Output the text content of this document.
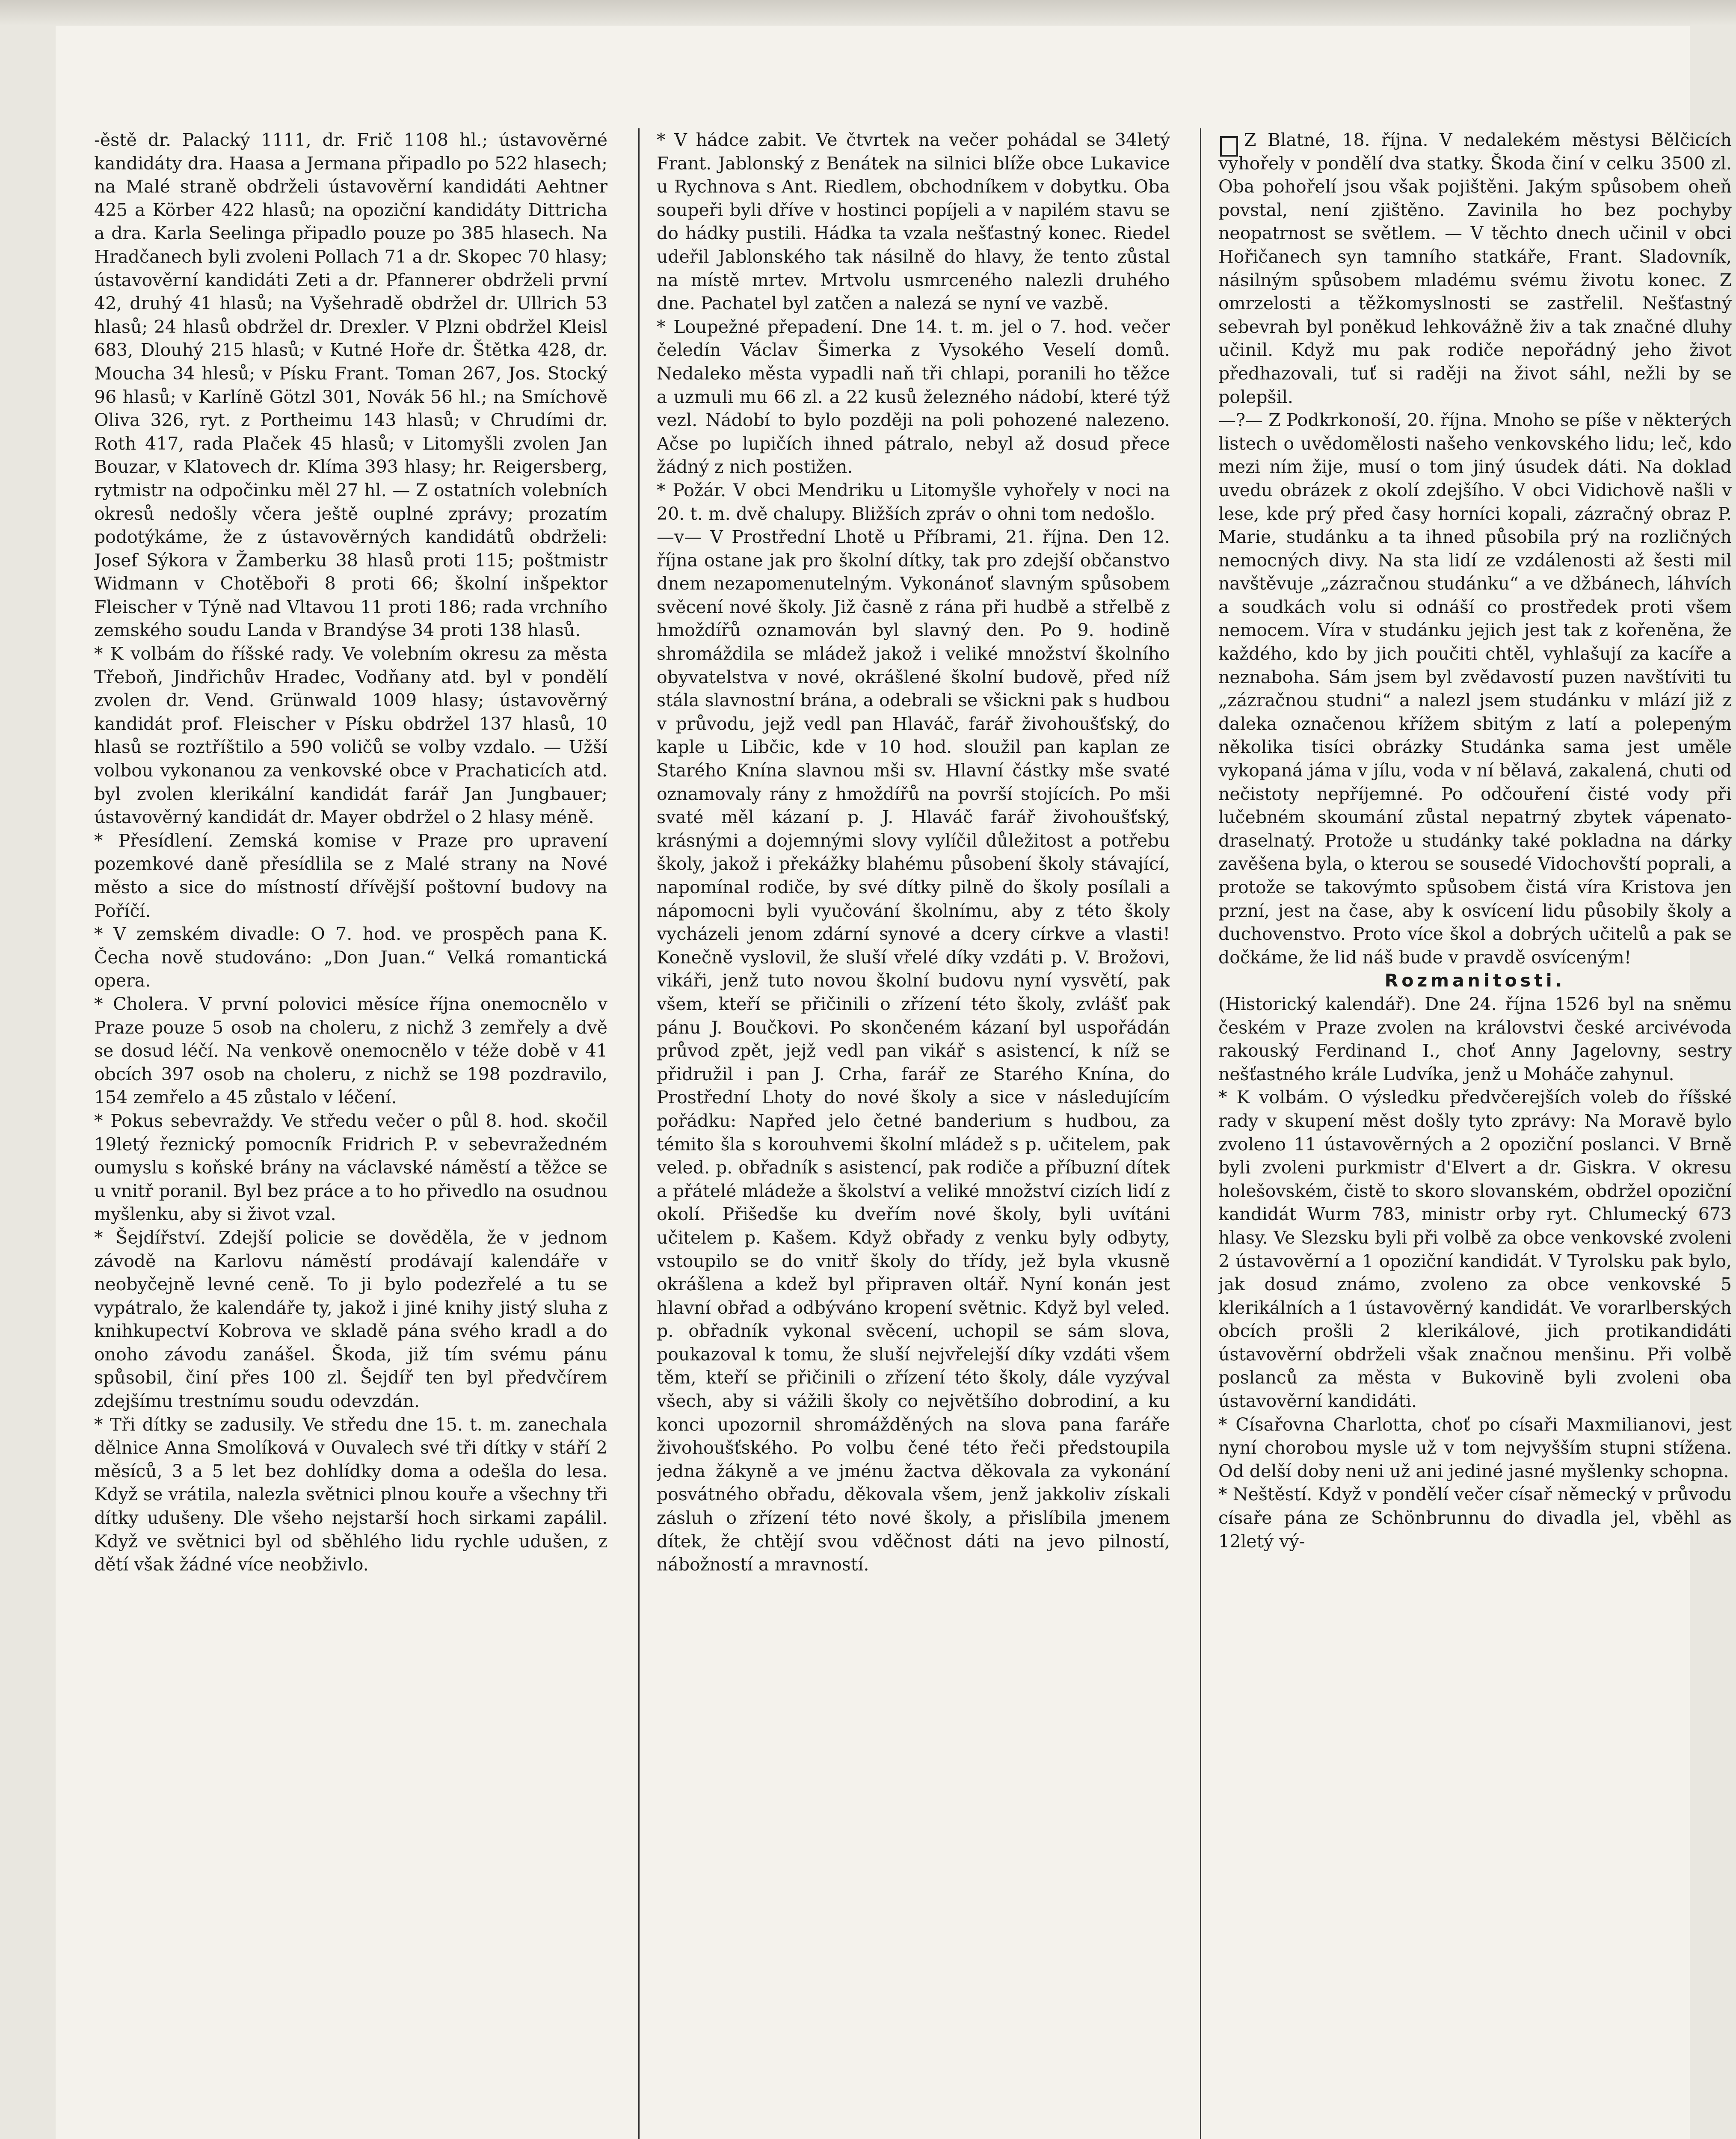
-ěstě dr. Palacký 1111, dr. Frič 1108 hl.; ústavověrné kandidáty dra. Haasa a Jermana připadlo po 522 hlasech; na Malé straně obdrželi ústavověrní kandidáti Aehtner 425 a Körber 422 hlasů; na opoziční kandidáty Dittricha a dra. Karla Seelinga připadlo pouze po 385 hlasech. Na Hradčanech byli zvoleni Pollach 71 a dr. Skopec 70 hlasy; ústavověrní kandidáti Zeti a dr. Pfannerer obdrželi první 42, druhý 41 hlasů; na Vyšehradě obdržel dr. Ullrich 53 hlasů; 24 hlasů obdržel dr. Drexler. V Plzni obdržel Kleisl 683, Dlouhý 215 hlasů; v Kutné Hoře dr. Štětka 428, dr. Moucha 34 hlesů; v Písku Frant. Toman 267, Jos. Stocký 96 hlasů; v Karlíně Götzl 301, Novák 56 hl.; na Smíchově Oliva 326, ryt. z Portheimu 143 hlasů; v Chrudími dr. Roth 417, rada Plaček 45 hlasů; v Litomyšli zvolen Jan Bouzar, v Klatovech dr. Klíma 393 hlasy; hr. Reigersberg, rytmistr na odpočinku měl 27 hl. — Z ostatních volebních okresů nedošly včera ještě ouplné zprávy; prozatím podotýkáme, že z ústavověrných kandidátů obdrželi: Josef Sýkora v Žamberku 38 hlasů proti 115; poštmistr Widmann v Chotěboři 8 proti 66; školní inšpektor Fleischer v Týně nad Vltavou 11 proti 186; rada vrchního zemského soudu Landa v Brandýse 34 proti 138 hlasů.

* K volbám do říšské rady. Ve volebním okresu za města Třeboň, Jindřichův Hradec, Vodňany atd. byl v pondělí zvolen dr. Vend. Grünwald 1009 hlasy; ústavověrný kandidát prof. Fleischer v Písku obdržel 137 hlasů, 10 hlasů se roztříštilo a 590 voličů se volby vzdalo. — Užší volbou vykonanou za venkovské obce v Prachaticích atd. byl zvolen klerikální kandidát farář Jan Jungbauer; ústavověrný kandidát dr. Mayer obdržel o 2 hlasy méně.

* Přesídlení. Zemská komise v Praze pro upravení pozemkové daně přesídlila se z Malé strany na Nové město a sice do místností dřívější poštovní budovy na Poříčí.

* V zemském divadle: O 7. hod. ve prospěch pana K. Čecha nově studováno: „Don Juan.“ Velká romantická opera.

* Cholera. V první polovici měsíce října onemocnělo v Praze pouze 5 osob na choleru, z nichž 3 zemřely a dvě se dosud léčí. Na venkově onemocnělo v téže době v 41 obcích 397 osob na choleru, z nichž se 198 pozdravilo, 154 zemřelo a 45 zůstalo v léčení.

* Pokus sebevraždy. Ve středu večer o půl 8. hod. skočil 19letý řeznický pomocník Fridrich P. v sebevražedném oumyslu s koňské brány na václavské náměstí a těžce se u vnitř poranil. Byl bez práce a to ho přivedlo na osudnou myšlenku, aby si život vzal.

* Šejdířství. Zdejší policie se dověděla, že v jednom závodě na Karlovu náměstí prodávají kalendáře v neobyčejně levné ceně. To ji bylo podezřelé a tu se vypátralo, že kalendáře ty, jakož i jiné knihy jistý sluha z knihkupectví Kobrova ve skladě pána svého kradl a do onoho závodu zanášel. Škoda, již tím svému pánu spůsobil, činí přes 100 zl. Šejdíř ten byl předvčírem zdejšímu trestnímu soudu odevzdán.

* Tři dítky se zadusily. Ve středu dne 15. t. m. zanechala dělnice Anna Smolíková v Ouvalech své tři dítky v stáří 2 měsíců, 3 a 5 let bez dohlídky doma a odešla do lesa. Když se vrátila, nalezla světnici plnou kouře a všechny tři dítky udušeny. Dle všeho nejstarší hoch sirkami zapálil. Když ve světnici byl od sběhlého lidu rychle udušen, z dětí však žádné více neobživlo.

* V hádce zabit. Ve čtvrtek na večer pohádal se 34letý Frant. Jablonský z Benátek na silnici blíže obce Lukavice u Rychnova s Ant. Riedlem, obchodníkem v dobytku. Oba soupeři byli dříve v hostinci popíjeli a v napilém stavu se do hádky pustili. Hádka ta vzala nešťastný konec. Riedel udeřil Jablonského tak násilně do hlavy, že tento zůstal na místě mrtev. Mrtvolu usmrceného nalezli druhého dne. Pachatel byl zatčen a nalezá se nyní ve vazbě.

* Loupežné přepadení. Dne 14. t. m. jel o 7. hod. večer čeledín Václav Šimerka z Vysokého Veselí domů. Nedaleko města vypadli naň tři chlapi, poranili ho těžce a uzmuli mu 66 zl. a 22 kusů železného nádobí, které týž vezl. Nádobí to bylo později na poli pohozené nalezeno. Ačse po lupičích ihned pátralo, nebyl až dosud přece žádný z nich postižen.

* Požár. V obci Mendriku u Litomyšle vyhořely v noci na 20. t. m. dvě chalupy. Bližších zpráv o ohni tom nedošlo.

—v— V Prostřední Lhotě u Příbrami, 21. října. Den 12. října ostane jak pro školní dítky, tak pro zdejší občanstvo dnem nezapomenutelným. Vykonánoť slavným spůsobem svěcení nové školy. Již časně z rána při hudbě a střelbě z hmoždířů oznamován byl slavný den. Po 9. hodině shromáždila se mládež jakož i veliké množství školního obyvatelstva v nové, okrášlené školní budově, před níž stála slavnostní brána, a odebrali se všickni pak s hudbou v průvodu, jejž vedl pan Hlaváč, farář živohoušťský, do kaple u Libčic, kde v 10 hod. sloužil pan kaplan ze Starého Knína slavnou mši sv. Hlavní částky mše svaté oznamovaly rány z hmoždířů na površí stojících. Po mši svaté měl kázaní p. J. Hlaváč farář živohoušťský, krásnými a dojemnými slovy vylíčil důležitost a potřebu školy, jakož i překážky blahému působení školy stávající, napomínal rodiče, by své dítky pilně do školy posílali a nápomocni byli vyučování školnímu, aby z této školy vycházeli jenom zdární synové a dcery církve a vlasti! Konečně vyslovil, že sluší vřelé díky vzdáti p. V. Brožovi, vikáři, jenž tuto novou školní budovu nyní vysvětí, pak všem, kteří se přičinili o zřízení této školy, zvlášť pak pánu J. Boučkovi. Po skončeném kázaní byl uspořádán průvod zpět, jejž vedl pan vikář s asistencí, k níž se přidružil i pan J. Crha, farář ze Starého Knína, do Prostřední Lhoty do nové školy a sice v následujícím pořádku: Napřed jelo četné banderium s hudbou, za témito šla s korouhvemi školní mládež s p. učitelem, pak veled. p. obřadník s asistencí, pak rodiče a příbuzní dítek a přátelé mládeže a školství a veliké množství cizích lidí z okolí. Přišedše ku dveřím nové školy, byli uvítáni učitelem p. Kašem. Když obřady z venku byly odbyty, vstoupilo se do vnitř školy do třídy, jež byla vkusně okrášlena a kdež byl připraven oltář. Nyní konán jest hlavní obřad a odbýváno kropení světnic. Když byl veled. p. obřadník vykonal svěcení, uchopil se sám slova, poukazoval k tomu, že sluší nejvřelejší díky vzdáti všem těm, kteří se přičinili o zřízení této školy, dále vyzýval všech, aby si vážili školy co největšího dobrodiní, a ku konci upozornil shromážděných na slova pana faráře živohoušťského. Po volbu čené této řeči předstoupila jedna žákyně a ve jménu žactva děkovala za vykonání posvátného obřadu, děkovala všem, jenž jakkoliv získali zásluh o zřízení této nové školy, a přislíbila jmenem dítek, že chtějí svou vděčnost dáti na jevo pilností, nábožností a mravností.

Z Blatné, 18. října. V nedalekém městysi Bělčicích vyhořely v pondělí dva statky. Škoda činí v celku 3500 zl. Oba pohořelí jsou však pojištěni. Jakým spůsobem oheň povstal, není zjištěno. Zavinila ho bez pochyby neopatrnost se světlem. — V těchto dnech učinil v obci Hořičanech syn tamního statkáře, Frant. Sladovník, násilným spůsobem mladému svému životu konec. Z omrzelosti a těžkomyslnosti se zastřelil. Nešťastný sebevrah byl poněkud lehkovážně živ a tak značné dluhy učinil. Když mu pak rodiče nepořádný jeho život předhazovali, tuť si raději na život sáhl, nežli by se polepšil.

—?— Z Podkrkonoší, 20. října. Mnoho se píše v některých listech o uvědomělosti našeho venkovského lidu; leč, kdo mezi ním žije, musí o tom jiný úsudek dáti. Na doklad uvedu obrázek z okolí zdejšího. V obci Vidichově našli v lese, kde prý před časy horníci kopali, zázračný obraz P. Marie, studánku a ta ihned působila prý na rozličných nemocných divy. Na sta lidí ze vzdálenosti až šesti mil navštěvuje „zázračnou studánku“ a ve džbánech, láhvích a soudkách volu si odnáší co prostředek proti všem nemocem. Víra v studánku jejich jest tak z kořeněna, že každého, kdo by jich poučiti chtěl, vyhlašují za kacíře a neznabohа. Sám jsem byl zvědavostí puzen navštíviti tu „zázračnou studni“ a nalezl jsem studánku v mlází již z daleka označenou křížem sbitým z latí a polepeným několika tisíci obrázky Studánka sama jest uměle vykopaná jáma v jílu, voda v ní bělavá, zakalená, chuti od nečistoty nepříjemné. Po odčouření čisté vody při lučebném skoumání zůstal nepatrný zbytek vápenato-draselnatý. Protože u studánky také pokladna na dárky zavěšena byla, o kterou se sousedé Vidochovští poprali, a protože se takovýmto spůsobem čistá víra Kristova jen przní, jest na čase, aby k osvícení lidu působily školy a duchovenstvo. Proto více škol a dobrých učitelů a pak se dočkáme, že lid náš bude v pravdě osvíceným!

Rozmanitosti.

(Historický kalendář). Dne 24. října 1526 byl na sněmu českém v Praze zvolen na královstvi české arcivévoda rakouský Ferdinand I., choť Anny Jagelovny, sestry nešťastného krále Ludvíka, jenž u Moháče zahynul.

* K volbám. O výsledku předvčerejších voleb do říšské rady v skupení měst došly tyto zprávy: Na Moravě bylo zvoleno 11 ústavověrných a 2 opoziční poslanci. V Brně byli zvoleni purkmistr d'Elvert a dr. Giskra. V okresu holešovském, čistě to skoro slovanském, obdržel opoziční kandidát Wurm 783, ministr orby ryt. Chlumecký 673 hlasy. Ve Slezsku byli při volbě za obce venkovské zvoleni 2 ústavověrní a 1 opoziční kandidát. V Tyrolsku pak bylo, jak dosud známo, zvoleno za obce venkovské 5 klerikálních a 1 ústavověrný kandidát. Ve vorarlberských obcích prošli 2 klerikálové, jich protikandidáti ústavověrní obdrželi však značnou menšinu. Při volbě poslanců za města v Bukovině byli zvoleni oba ústavověrní kandidáti.

* Císařovna Charlotta, choť po císaři Maxmilianovi, jest nyní chorobou mysle už v tom nejvyšším stupni stížena. Od delší doby neni už ani jediné jasné myšlenky schopna.

* Neštěstí. Když v pondělí večer císař německý v průvodu císaře pána ze Schönbrunnu do divadla jel, vběhl as 12letý vý-
